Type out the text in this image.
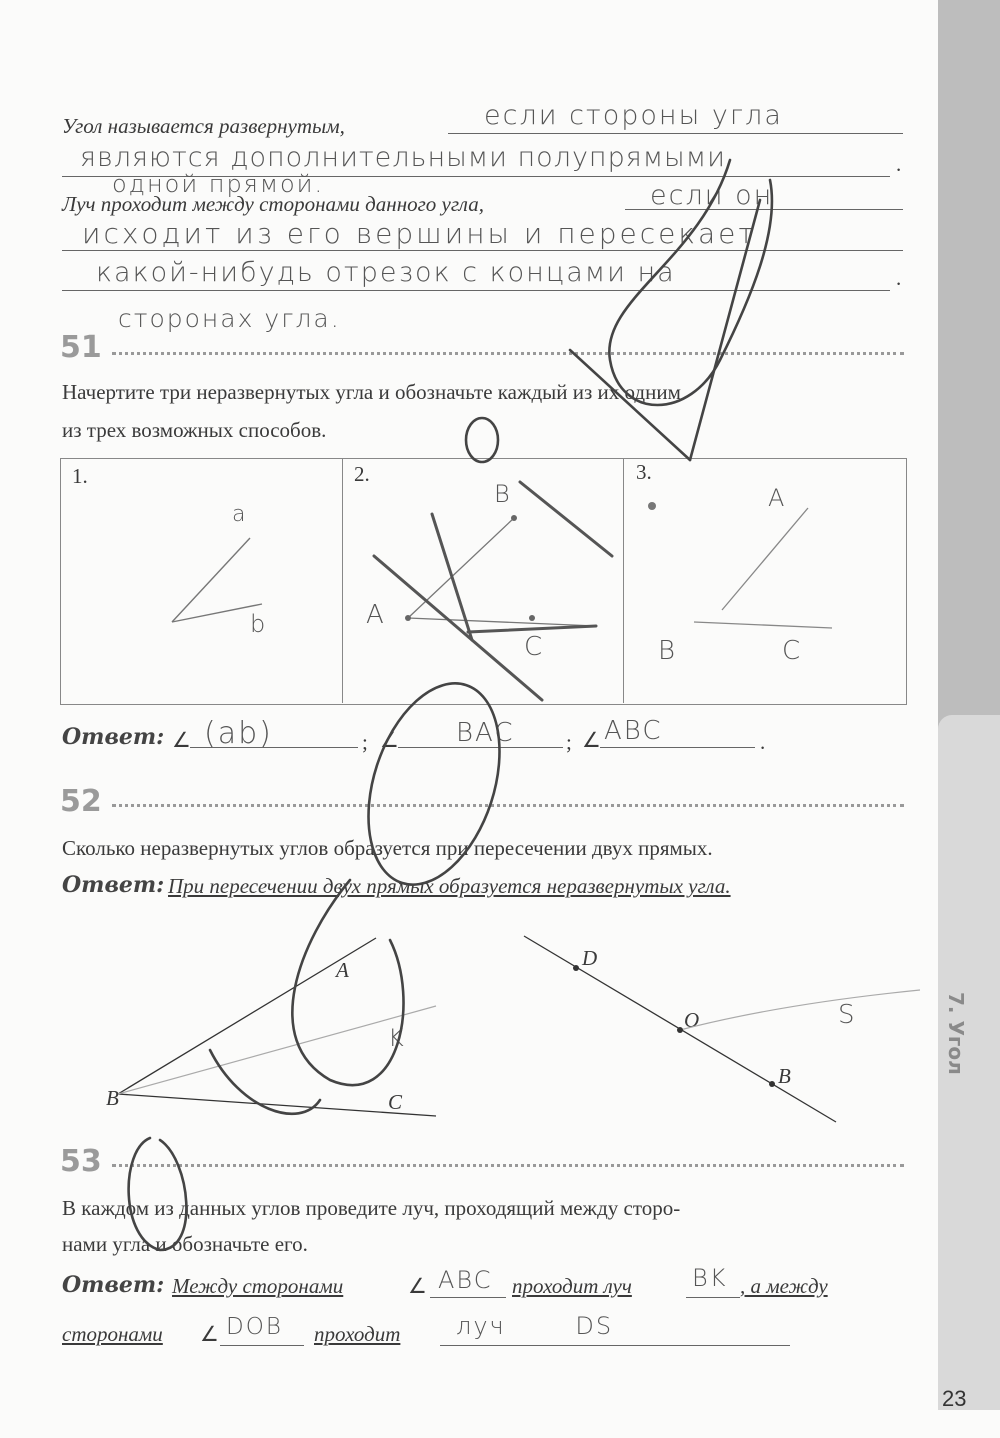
7. Угол
23
Угол называется развернутым,	если стороны угла
являются дополнительными полупрямыми	.
одной прямой.
Луч проходит между сторонами данного угла,	если он
исходит из его вершины и пересекает
какой-нибудь отрезок с концами на	.
сторонах угла.
51
Начертите три неразвернутых угла и обозначьте каждый из их одним
из трех возможных способов.
1.	2.	3.
a
b
B
A
C
A
B	C
Ответ: ∠ (ab)	; ∠ BAC ; ∠ ABC	.
52
Сколько неразвернутых углов образуется при пересечении двух прямых.
Ответ: При пересечении двух прямых образуется неразвернутых угла.
A
K
B	C
D
O	S
B
53
В каждом из данных углов проведите луч, проходящий между сторо-
нами угла и обозначьте его.
Ответ: Между сторонами	∠ ABC проходит луч	BK , а между
сторонами ∠ DOB проходит луч DS
